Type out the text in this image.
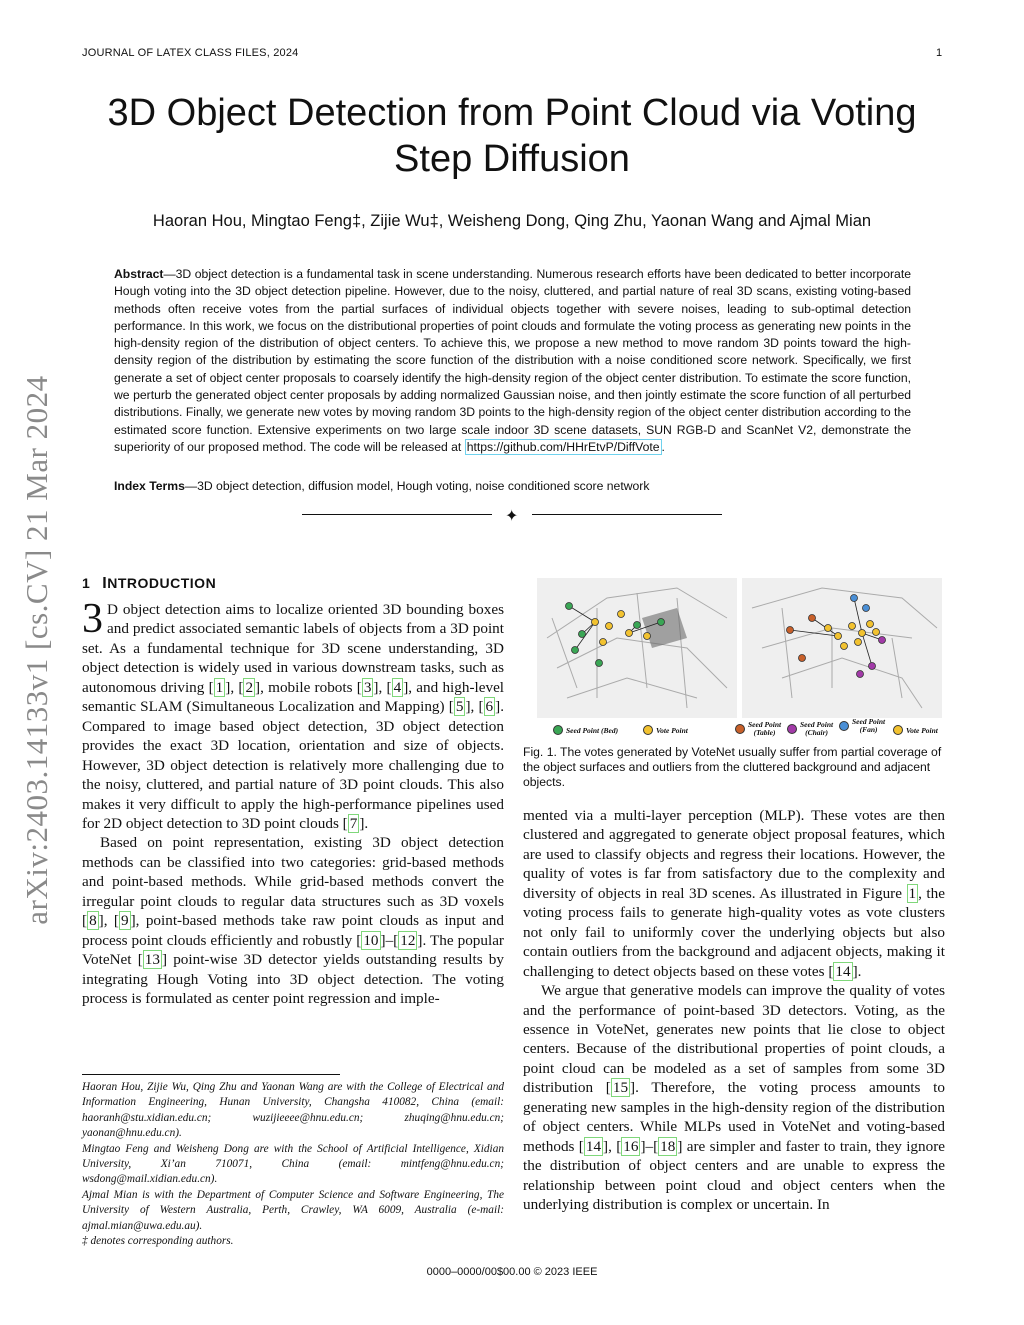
JOURNAL OF LATEX CLASS FILES, 2024	1
arXiv:2403.14133v1 [cs.CV] 21 Mar 2024
3D Object Detection from Point Cloud via Voting Step Diffusion
Haoran Hou, Mingtao Feng‡, Zijie Wu‡, Weisheng Dong, Qing Zhu, Yaonan Wang and Ajmal Mian
Abstract—3D object detection is a fundamental task in scene understanding. Numerous research efforts have been dedicated to better incorporate Hough voting into the 3D object detection pipeline. However, due to the noisy, cluttered, and partial nature of real 3D scans, existing voting-based methods often receive votes from the partial surfaces of individual objects together with severe noises, leading to sub-optimal detection performance. In this work, we focus on the distributional properties of point clouds and formulate the voting process as generating new points in the high-density region of the distribution of object centers. To achieve this, we propose a new method to move random 3D points toward the high-density region of the distribution by estimating the score function of the distribution with a noise conditioned score network. Specifically, we first generate a set of object center proposals to coarsely identify the high-density region of the object center distribution. To estimate the score function, we perturb the generated object center proposals by adding normalized Gaussian noise, and then jointly estimate the score function of all perturbed distributions. Finally, we generate new votes by moving random 3D points to the high-density region of the object center distribution according to the estimated score function. Extensive experiments on two large scale indoor 3D scene datasets, SUN RGB-D and ScanNet V2, demonstrate the superiority of our proposed method. The code will be released at https://github.com/HHrEtvP/DiffVote .
Index Terms—3D object detection, diffusion model, Hough voting, noise conditioned score network
✦
1 INTRODUCTION

3 D object detection aims to localize oriented 3D bounding boxes and predict associated semantic labels of objects from a 3D point set. As a fundamental technique for 3D scene understanding, 3D object detection is widely used in various downstream tasks, such as autonomous driving [ 1 ], [ 2 ], mobile robots [ 3 ], [ 4 ], and high-level semantic SLAM (Simultaneous Localization and Mapping) [ 5 ], [ 6 ]. Compared to image based object detection, 3D object detection provides the exact 3D location, orientation and size of objects. However, 3D object detection is relatively more challenging due to the noisy, cluttered, and partial nature of 3D point clouds. This also makes it very difficult to apply the high-performance pipelines used for 2D object detection to 3D point clouds [ 7 ].

Based on point representation, existing 3D object detection methods can be classified into two categories: grid-based methods and point-based methods. While grid-based methods convert the irregular point clouds to regular data structures such as 3D voxels [ 8 ], [ 9 ], point-based methods take raw point clouds as input and process point clouds efficiently and robustly [ 10 ]–[ 12 ]. The popular VoteNet [ 13 ] point-wise 3D detector yields outstanding results by integrating Hough Voting into 3D object detection. The voting process is formulated as center point regression and imple-

Haoran Hou, Zijie Wu, Qing Zhu and Yaonan Wang are with the College of Electrical and Information Engineering, Hunan University, Changsha 410082, China (email: haoranh@stu.xidian.edu.cn; wuzijieeee@hnu.edu.cn; zhuqing@hnu.edu.cn; yaonan@hnu.edu.cn).

Mingtao Feng and Weisheng Dong are with the School of Artificial Intelligence, Xidian University, Xi’an 710071, China (email: mintfeng@hnu.edu.cn; wsdong@mail.xidian.edu.cn).

Ajmal Mian is with the Department of Computer Science and Software Engineering, The University of Western Australia, Perth, Crawley, WA 6009, Australia (e-mail: ajmal.mian@uwa.edu.au).

‡ denotes corresponding authors.

Seed Point (Bed)	Vote Point
Seed Point
(Table)
Seed Point
(Chair)
Seed Point
(Fan)	Vote Point
Fig. 1. The votes generated by VoteNet usually suffer from partial coverage of the object surfaces and outliers from the cluttered background and adjacent objects.

mented via a multi-layer perception (MLP). These votes are then clustered and aggregated to generate object proposal features, which are used to classify objects and regress their locations. However, the quality of votes is far from satisfactory due to the complexity and diversity of objects in real 3D scenes. As illustrated in Figure 1 , the voting process fails to generate high-quality votes as vote clusters not only fail to uniformly cover the underlying objects but also contain outliers from the background and adjacent objects, making it challenging to detect objects based on these votes [ 14 ].

We argue that generative models can improve the quality of votes and the performance of point-based 3D detectors. Voting, as the essence in VoteNet, generates new points that lie close to object centers. Because of the distributional properties of point clouds, a point cloud can be modeled as a set of samples from some 3D distribution [ 15 ]. Therefore, the voting process amounts to generating new samples in the high-density region of the distribution of object centers. While MLPs used in VoteNet and voting-based methods [ 14 ], [ 16 ]–[ 18 ] are simpler and faster to train, they ignore the distribution of object centers and are unable to express the relationship between point cloud and object centers when the underlying distribution is complex or uncertain. In

0000–0000/00$00.00 © 2023 IEEE
